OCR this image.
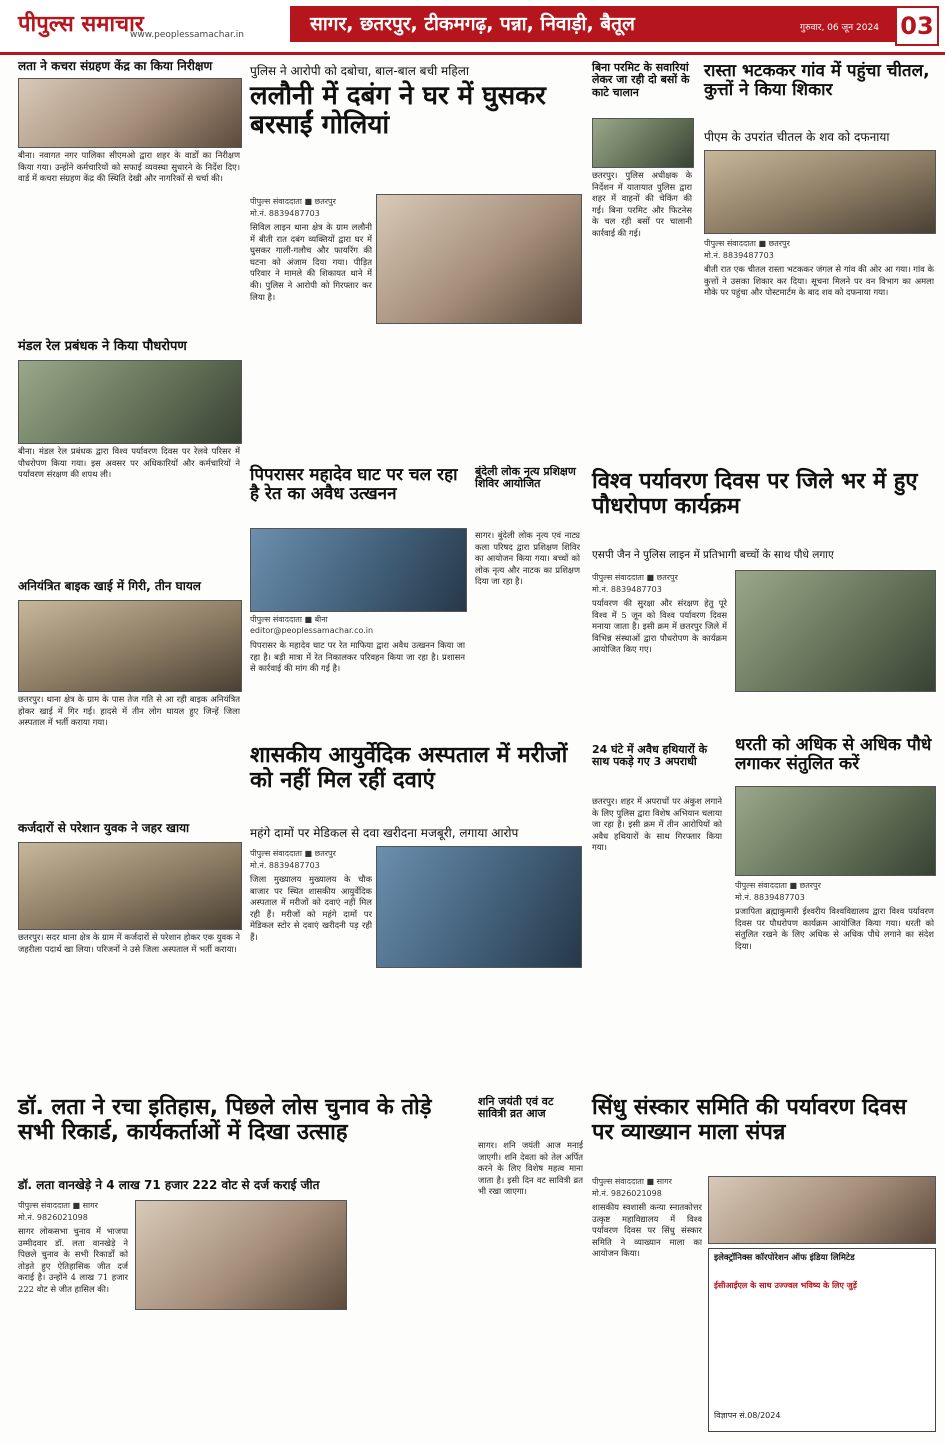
पीपुल्स समाचार
www.peoplessamachar.in	सागर, छतरपुर, टीकमगढ़, पन्ना, निवाड़ी, बैतूल	गुरुवार, 06 जून 2024 03
लता ने कचरा संग्रहण केंद्र का किया निरीक्षण
बीना। नवागत नगर पालिका सीएमओ द्वारा शहर के वार्डों का निरीक्षण किया गया। उन्होंने कर्मचारियों को सफाई व्यवस्था सुधारने के निर्देश दिए। वार्ड में कचरा संग्रहण केंद्र की स्थिति देखी और नागरिकों से चर्चा की।
मंडल रेल प्रबंधक ने किया पौधरोपण
बीना। मंडल रेल प्रबंधक द्वारा विश्व पर्यावरण दिवस पर रेलवे परिसर में पौधरोपण किया गया। इस अवसर पर अधिकारियों और कर्मचारियों ने पर्यावरण संरक्षण की शपथ ली।
अनियंत्रित बाइक खाई में गिरी, तीन घायल
छतरपुर। थाना क्षेत्र के ग्राम के पास तेज गति से आ रही बाइक अनियंत्रित होकर खाई में गिर गई। हादसे में तीन लोग घायल हुए जिन्हें जिला अस्पताल में भर्ती कराया गया।
कर्जदारों से परेशान युवक ने जहर खाया
छतरपुर। सदर थाना क्षेत्र के ग्राम में कर्जदारों से परेशान होकर एक युवक ने जहरीला पदार्थ खा लिया। परिजनों ने उसे जिला अस्पताल में भर्ती कराया।
पुलिस ने आरोपी को दबोचा, बाल-बाल बची महिला
ललौनी में दबंग ने घर में घुसकर बरसाईं गोलियां
पीपुल्स संवाददाता ■ छतरपुर
मो.नं. 8839487703
सिविल लाइन थाना क्षेत्र के ग्राम ललौनी में बीती रात दबंग व्यक्तियों द्वारा घर में घुसकर गाली-गलौच और फायरिंग की घटना को अंजाम दिया गया। पीड़ित परिवार ने मामले की शिकायत थाने में की। पुलिस ने आरोपी को गिरफ्तार कर लिया है।
पिपरासर महादेव घाट पर चल रहा है रेत का अवैध उत्खनन
पीपुल्स संवाददाता ■ बीना
editor@peoplessamachar.co.in
पिपरासर के महादेव घाट पर रेत माफिया द्वारा अवैध उत्खनन किया जा रहा है। बड़ी मात्रा में रेत निकालकर परिवहन किया जा रहा है। प्रशासन से कार्रवाई की मांग की गई है।
बुंदेली लोक नृत्य प्रशिक्षण शिविर आयोजित
सागर। बुंदेली लोक नृत्य एवं नाट्य कला परिषद द्वारा प्रशिक्षण शिविर का आयोजन किया गया। बच्चों को लोक नृत्य और नाटक का प्रशिक्षण दिया जा रहा है।
शासकीय आयुर्वेदिक अस्पताल में मरीजों को नहीं मिल रहीं दवाएं
महंगे दामों पर मेडिकल से दवा खरीदना मजबूरी, लगाया आरोप
पीपुल्स संवाददाता ■ छतरपुर
मो.नं. 8839487703
जिला मुख्यालय मुख्यालय के चौक बाजार पर स्थित शासकीय आयुर्वेदिक अस्पताल में मरीजों को दवाएं नहीं मिल रही हैं। मरीजों को महंगे दामों पर मेडिकल स्टोर से दवाएं खरीदनी पड़ रही हैं।
बिना परमिट के सवारियां लेकर जा रही दो बसों के काटे चालान
छतरपुर। पुलिस अधीक्षक के निर्देशन में यातायात पुलिस द्वारा शहर में वाहनों की चेकिंग की गई। बिना परमिट और फिटनेस के चल रही बसों पर चालानी कार्रवाई की गई।
रास्ता भटककर गांव में पहुंचा चीतल, कुत्तों ने किया शिकार
पीएम के उपरांत चीतल के शव को दफनाया
पीपुल्स संवाददाता ■ छतरपुर
मो.नं. 8839487703
बीती रात एक चीतल रास्ता भटककर जंगल से गांव की ओर आ गया। गांव के कुत्तों ने उसका शिकार कर दिया। सूचना मिलने पर वन विभाग का अमला मौके पर पहुंचा और पोस्टमार्टम के बाद शव को दफनाया गया।
विश्व पर्यावरण दिवस पर जिले भर में हुए पौधरोपण कार्यक्रम
एसपी जैन ने पुलिस लाइन में प्रतिभागी बच्चों के साथ पौधे लगाए
पीपुल्स संवाददाता ■ छतरपुर
मो.नं. 8839487703
पर्यावरण की सुरक्षा और संरक्षण हेतु पूरे विश्व में 5 जून को विश्व पर्यावरण दिवस मनाया जाता है। इसी क्रम में छतरपुर जिले में विभिन्न संस्थाओं द्वारा पौधरोपण के कार्यक्रम आयोजित किए गए।
24 घंटे में अवैध हथियारों के साथ पकड़े गए 3 अपराधी
छतरपुर। शहर में अपराधों पर अंकुश लगाने के लिए पुलिस द्वारा विशेष अभियान चलाया जा रहा है। इसी क्रम में तीन आरोपियों को अवैध हथियारों के साथ गिरफ्तार किया गया।
धरती को अधिक से अधिक पौधे लगाकर संतुलित करें
पीपुल्स संवाददाता ■ छतरपुर
मो.नं. 8839487703
प्रजापिता ब्रह्माकुमारी ईश्वरीय विश्वविद्यालय द्वारा विश्व पर्यावरण दिवस पर पौधरोपण कार्यक्रम आयोजित किया गया। धरती को संतुलित रखने के लिए अधिक से अधिक पौधे लगाने का संदेश दिया।
डॉ. लता ने रचा इतिहास, पिछले लोस चुनाव के तोड़े सभी रिकार्ड, कार्यकर्ताओं में दिखा उत्साह
डॉ. लता वानखेड़े ने 4 लाख 71 हजार 222 वोट से दर्ज कराई जीत
पीपुल्स संवाददाता ■ सागर
मो.नं. 9826021098
सागर लोकसभा चुनाव में भाजपा उम्मीदवार डॉ. लता वानखेड़े ने पिछले चुनाव के सभी रिकार्डों को तोड़ते हुए ऐतिहासिक जीत दर्ज कराई है। उन्होंने 4 लाख 71 हजार 222 वोट से जीत हासिल की।
शनि जयंती एवं वट सावित्री व्रत आज
सागर। शनि जयंती आज मनाई जाएगी। शनि देवता को तेल अर्पित करने के लिए विशेष महत्व माना जाता है। इसी दिन वट सावित्री व्रत भी रखा जाएगा।
सिंधु संस्कार समिति की पर्यावरण दिवस पर व्याख्यान माला संपन्न
पीपुल्स संवाददाता ■ सागर
मो.नं. 9826021098
शासकीय स्वशासी कन्या स्नातकोत्तर उत्कृष्ट महाविद्यालय में विश्व पर्यावरण दिवस पर सिंधु संस्कार समिति ने व्याख्यान माला का आयोजन किया।	इलेक्ट्रॉनिक्स कॉरपोरेशन ऑफ इंडिया लिमिटेड
ईसीआईएल के साथ उज्ज्वल भविष्य के लिए जुड़ें
विज्ञापन सं.08/2024
